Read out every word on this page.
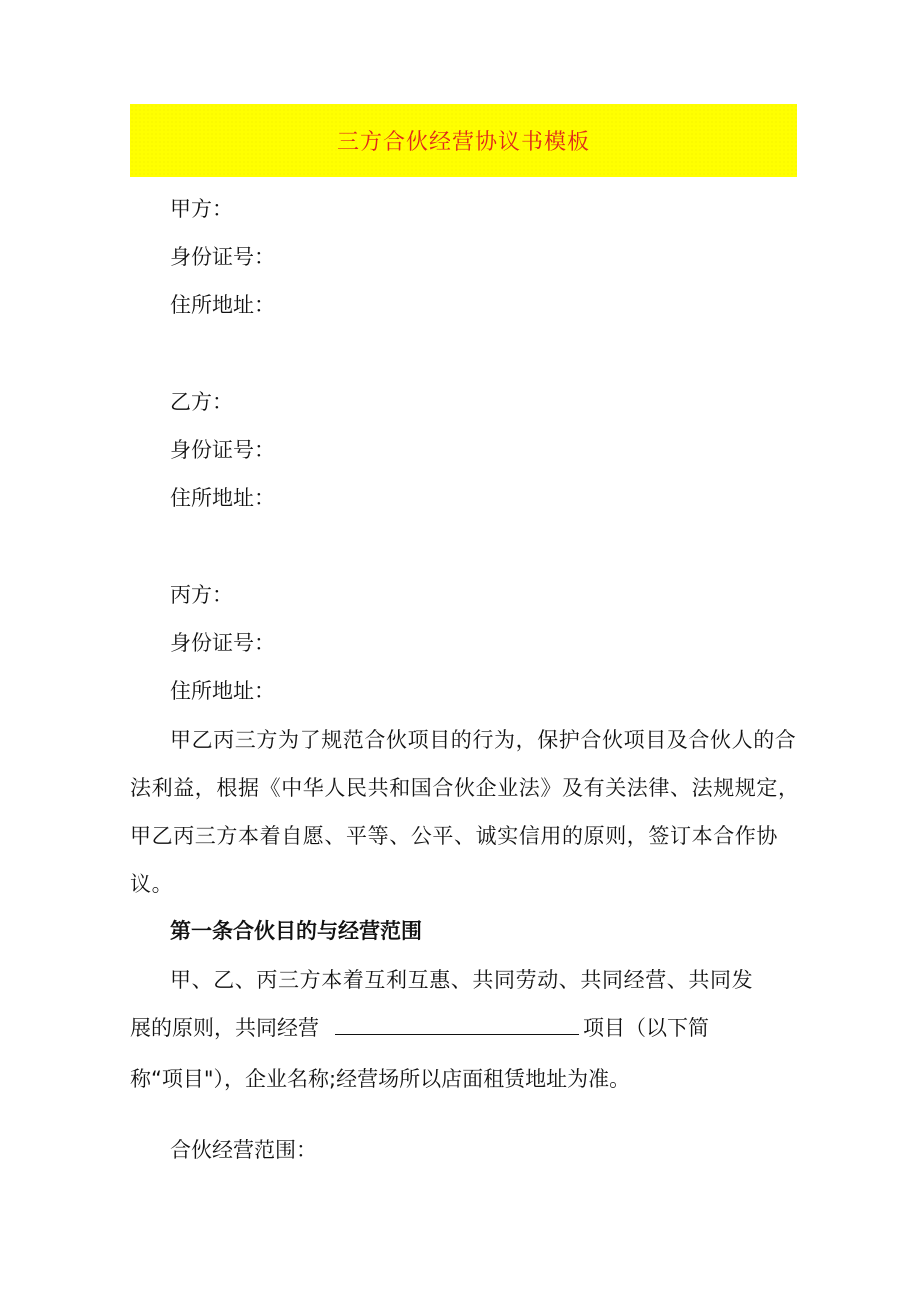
三方合伙经营协议书模板
甲方：
身份证号：
住所地址：
乙方：
身份证号：
住所地址：
丙方：
身份证号：
住所地址：
甲乙丙三方为了规范合伙项目的行为，保护合伙项目及合伙人的合法利益，根据《中华人民共和国合伙企业法》及有关法律、法规规定，甲乙丙三方本着自愿、平等、公平、诚实信用的原则，签订本合作协议。
第一条合伙目的与经营范围
甲、乙、丙三方本着互利互惠、共同劳动、共同经营、共同发
展的原则，共同经营	项目（以下简
称“项目"），企业名称;经营场所以店面租赁地址为准。
合伙经营范围：
